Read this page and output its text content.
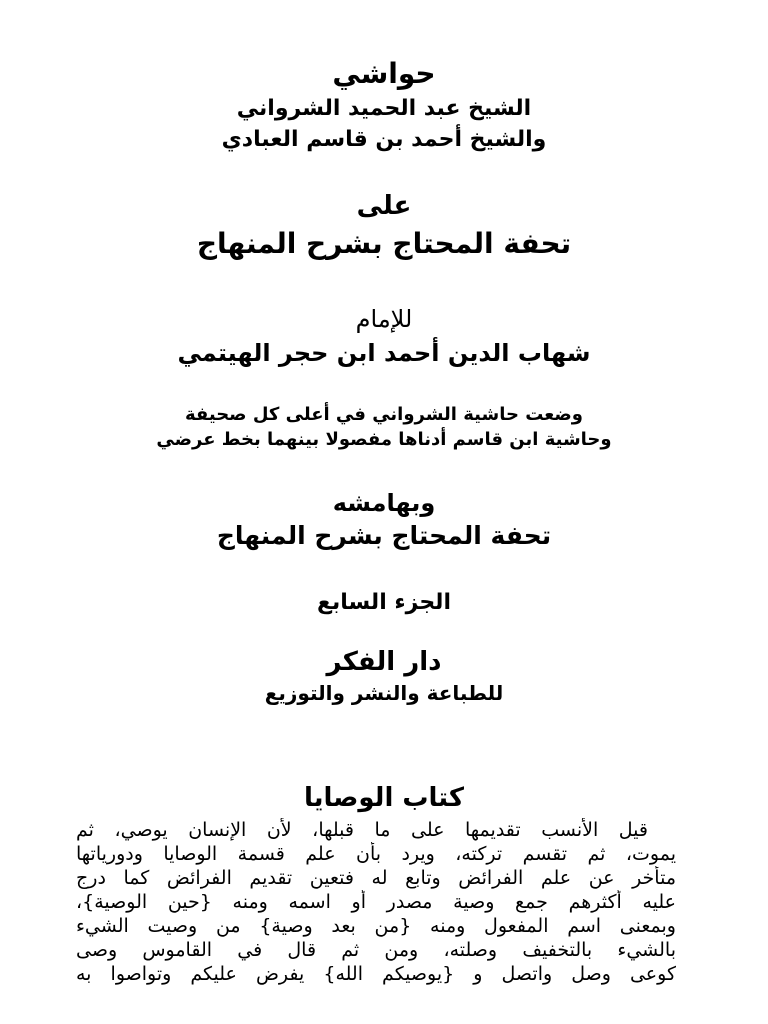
حواشي
الشيخ عبد الحميد الشرواني
والشيخ أحمد بن قاسم العبادي
على
تحفة المحتاج بشرح المنهاج
للإمام
شهاب الدين أحمد ابن حجر الهيتمي
وضعت حاشية الشرواني في أعلى كل صحيفة
وحاشية ابن قاسم أدناها مفصولا بينهما بخط عرضي
وبهامشه
تحفة المحتاج بشرح المنهاج
الجزء السابع
دار الفكر
للطباعة والنشر والتوزيع
كتاب الوصايا
قيل الأنسب تقديمها على ما قبلها، لأن الإنسان يوصي، ثم
يموت، ثم تقسم تركته، ويرد بأن علم قسمة الوصايا ودورياتها
متأخر عن علم الفرائض وتابع له فتعين تقديم الفرائض كما درج
عليه أكثرهم جمع وصية مصدر أو اسمه ومنه {حين الوصية}،
وبمعنى اسم المفعول ومنه {من بعد وصية} من وصيت الشيء
بالشيء بالتخفيف وصلته، ومن ثم قال في القاموس وصى
كوعى وصل واتصل و {يوصيكم الله} يفرض عليكم وتواصوا به
